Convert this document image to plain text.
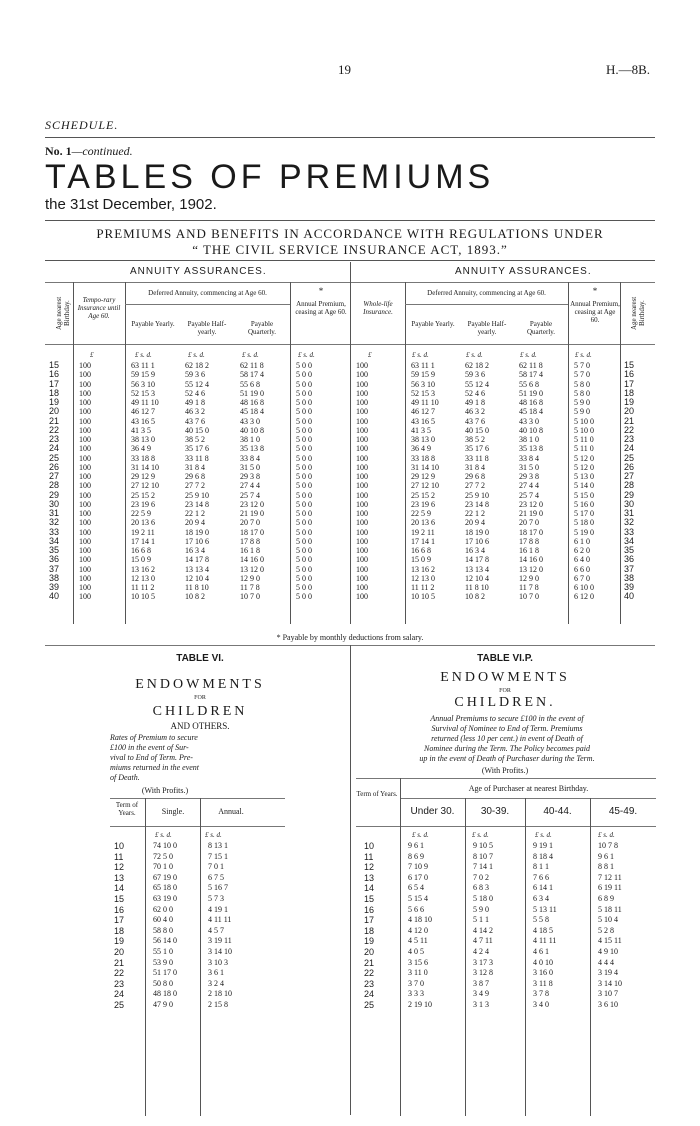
19	H.—8B.
SCHEDULE.
No. 1—continued.
TABLES OF PREMIUMS
the 31st December, 1902.
PREMIUMS AND BENEFITS IN ACCORDANCE WITH REGULATIONS UNDER
“ THE CIVIL SERVICE INSURANCE ACT, 1893.”
ANNUITY ASSURANCES.	ANNUITY ASSURANCES.
Age nearest Birthday.
Tempo-rary Insurance until Age 60.
Deferred Annuity, commencing at Age 60.
Payable Yearly.	Payable Half-yearly.
Payable Quarterly.
*
Annual Premium, ceasing at Age 60.
Whole-life Insurance.
Deferred Annuity, commencing at Age 60.
Payable Yearly.	Payable Half-yearly.
Payable Quarterly.
*
Annual Premium, ceasing at Age 60.	Age nearest Birthday.
£	£ s. d.	£ s. d.	£ s. d.	£ s. d.	£	£ s. d.	£ s. d.	£ s. d.	£ s. d.
15	100	63 11 1	62 18 2	62 11 8	5 0 0	100	63 11 1	62 18 2	62 11 8	5 7 0	15
16	100	59 15 9	59 3 6	58 17 4	5 0 0	100	59 15 9	59 3 6	58 17 4	5 7 0	16
17	100	56 3 10	55 12 4	55 6 8	5 0 0	100	56 3 10	55 12 4	55 6 8	5 8 0	17
18	100	52 15 3	52 4 6	51 19 0	5 0 0	100	52 15 3	52 4 6	51 19 0	5 8 0	18
19	100	49 11 10	49 1 8	48 16 8	5 0 0	100	49 11 10	49 1 8	48 16 8	5 9 0	19
20	100	46 12 7	46 3 2	45 18 4	5 0 0	100	46 12 7	46 3 2	45 18 4	5 9 0	20
21	100	43 16 5	43 7 6	43 3 0	5 0 0	100	43 16 5	43 7 6	43 3 0	5 10 0	21
22	100	41 3 5	40 15 0	40 10 8	5 0 0	100	41 3 5	40 15 0	40 10 8	5 10 0	22
23	100	38 13 0	38 5 2	38 1 0	5 0 0	100	38 13 0	38 5 2	38 1 0	5 11 0	23
24	100	36 4 9	35 17 6	35 13 8	5 0 0	100	36 4 9	35 17 6	35 13 8	5 11 0	24
25	100	33 18 8	33 11 8	33 8 4	5 0 0	100	33 18 8	33 11 8	33 8 4	5 12 0	25
26	100	31 14 10	31 8 4	31 5 0	5 0 0	100	31 14 10	31 8 4	31 5 0	5 12 0	26
27	100	29 12 9	29 6 8	29 3 8	5 0 0	100	29 12 9	29 6 8	29 3 8	5 13 0	27
28	100	27 12 10	27 7 2	27 4 4	5 0 0	100	27 12 10	27 7 2	27 4 4	5 14 0	28
29	100	25 15 2	25 9 10	25 7 4	5 0 0	100	25 15 2	25 9 10	25 7 4	5 15 0	29
30	100	23 19 6	23 14 8	23 12 0	5 0 0	100	23 19 6	23 14 8	23 12 0	5 16 0	30
31	100	22 5 9	22 1 2	21 19 0	5 0 0	100	22 5 9	22 1 2	21 19 0	5 17 0	31
32	100	20 13 6	20 9 4	20 7 0	5 0 0	100	20 13 6	20 9 4	20 7 0	5 18 0	32
33	100	19 2 11	18 19 0	18 17 0	5 0 0	100	19 2 11	18 19 0	18 17 0	5 19 0	33
34	100	17 14 1	17 10 6	17 8 8	5 0 0	100	17 14 1	17 10 6	17 8 8	6 1 0	34
35	100	16 6 8	16 3 4	16 1 8	5 0 0	100	16 6 8	16 3 4	16 1 8	6 2 0	35
36	100	15 0 9	14 17 8	14 16 0	5 0 0	100	15 0 9	14 17 8	14 16 0	6 4 0	36
37	100	13 16 2	13 13 4	13 12 0	5 0 0	100	13 16 2	13 13 4	13 12 0	6 6 0	37
38	100	12 13 0	12 10 4	12 9 0	5 0 0	100	12 13 0	12 10 4	12 9 0	6 7 0	38
39	100	11 11 2	11 8 10	11 7 8	5 0 0	100	11 11 2	11 8 10	11 7 8	6 10 0	39
40	100	10 10 5	10 8 2	10 7 0	5 0 0	100	10 10 5	10 8 2	10 7 0	6 12 0	40
* Payable by monthly deductions from salary.
TABLE VI.
ENDOWMENTS
FOR
CHILDREN
AND OTHERS.
Rates of Premium to secure
£100 in the event of Sur-
vival to End of Term. Pre-
miums returned in the event
of Death.
(With Profits.)
Term of Years.	Single.	Annual.
£ s. d.	£ s. d.
10	74 10 0	8 13 1
11	72 5 0	7 15 1
12	70 1 0	7 0 1
13	67 19 0	6 7 5
14	65 18 0	5 16 7
15	63 19 0	5 7 3
16	62 0 0	4 19 1
17	60 4 0	4 11 11
18	58 8 0	4 5 7
19	56 14 0	3 19 11
20	55 1 0	3 14 10
21	53 9 0	3 10 3
22	51 17 0	3 6 1
23	50 8 0	3 2 4
24	48 18 0	2 18 10
25	47 9 0	2 15 8
TABLE VI.P.
ENDOWMENTS
FOR
CHILDREN.
Annual Premiums to secure £100 in the event of
Survival of Nominee to End of Term. Premiums
returned (less 10 per cent.) in event of Death of
Nominee during the Term. The Policy becomes paid
up in the event of Death of Purchaser during the Term.
(With Profits.)
Age of Purchaser at nearest Birthday.
Term of Years.
Under 30.	30-39.	40-44.	45-49.
£ s. d.	£ s. d.	£ s. d.	£ s. d.
10	9 6 1	9 10 5	9 19 1	10 7 8
11	8 6 9	8 10 7	8 18 4	9 6 1
12	7 10 9	7 14 1	8 1 1	8 8 1
13	6 17 0	7 0 2	7 6 6	7 12 11
14	6 5 4	6 8 3	6 14 1	6 19 11
15	5 15 4	5 18 0	6 3 4	6 8 9
16	5 6 6	5 9 0	5 13 11	5 18 11
17	4 18 10	5 1 1	5 5 8	5 10 4
18	4 12 0	4 14 2	4 18 5	5 2 8
19	4 5 11	4 7 11	4 11 11	4 15 11
20	4 0 5	4 2 4	4 6 1	4 9 10
21	3 15 6	3 17 3	4 0 10	4 4 4
22	3 11 0	3 12 8	3 16 0	3 19 4
23	3 7 0	3 8 7	3 11 8	3 14 10
24	3 3 3	3 4 9	3 7 8	3 10 7
25	2 19 10	3 1 3	3 4 0	3 6 10
